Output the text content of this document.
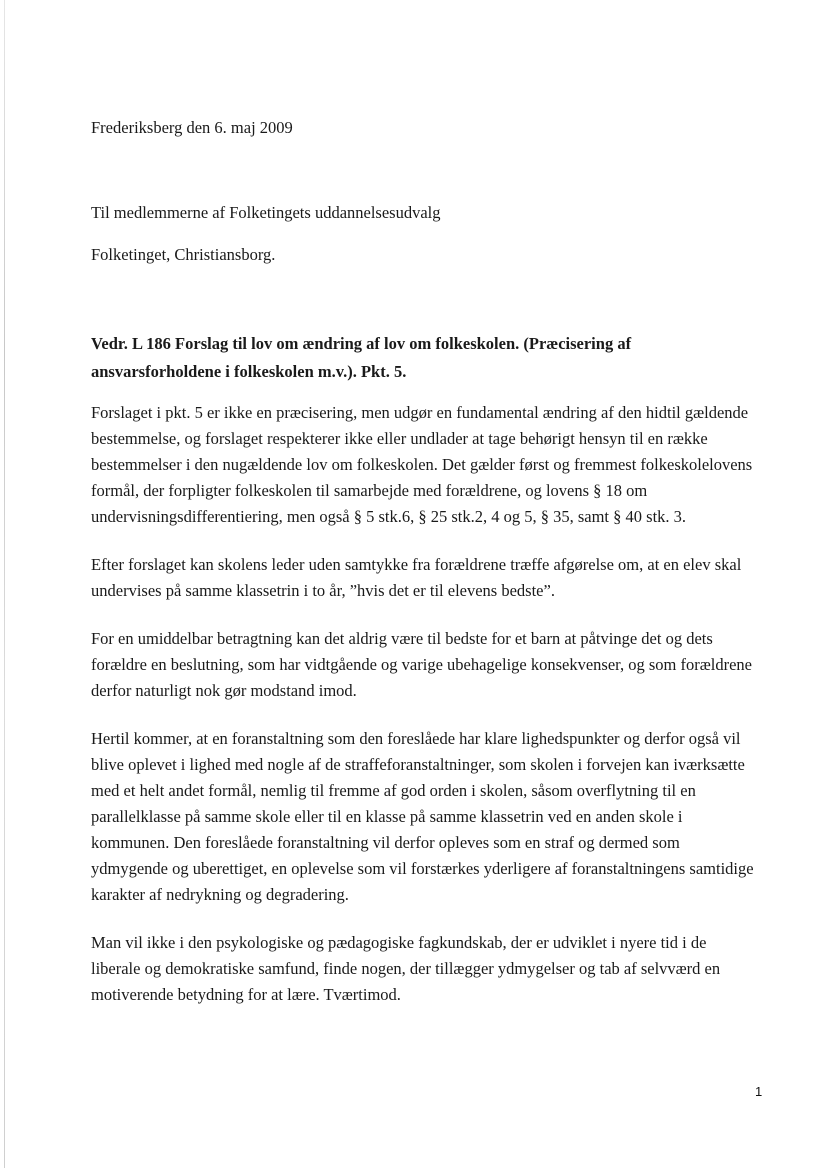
Frederiksberg den 6. maj 2009
Til medlemmerne af Folketingets uddannelsesudvalg
Folketinget, Christiansborg.
Vedr. L 186 Forslag til lov om ændring af lov om folkeskolen. (Præcisering af
ansvarsforholdene i folkeskolen m.v.). Pkt. 5.

Forslaget i pkt. 5 er ikke en præcisering, men udgør en fundamental ændring af den hidtil gældende
bestemmelse, og forslaget respekterer ikke eller undlader at tage behørigt hensyn til en række
bestemmelser i den nugældende lov om folkeskolen. Det gælder først og fremmest folkeskolelovens
formål, der forpligter folkeskolen til samarbejde med forældrene, og lovens § 18 om
undervisningsdifferentiering, men også § 5 stk.6, § 25 stk.2, 4 og 5, § 35, samt § 40 stk. 3.

Efter forslaget kan skolens leder uden samtykke fra forældrene træffe afgørelse om, at en elev skal
undervises på samme klassetrin i to år, ”hvis det er til elevens bedste”.

For en umiddelbar betragtning kan det aldrig være til bedste for et barn at påtvinge det og dets
forældre en beslutning, som har vidtgående og varige ubehagelige konsekvenser, og som forældrene
derfor naturligt nok gør modstand imod.

Hertil kommer, at en foranstaltning som den foreslåede har klare lighedspunkter og derfor også vil
blive oplevet i lighed med nogle af de straffeforanstaltninger, som skolen i forvejen kan iværksætte
med et helt andet formål, nemlig til fremme af god orden i skolen, såsom overflytning til en
parallelklasse på samme skole eller til en klasse på samme klassetrin ved en anden skole i
kommunen. Den foreslåede foranstaltning vil derfor opleves som en straf og dermed som
ydmygende og uberettiget, en oplevelse som vil forstærkes yderligere af foranstaltningens samtidige
karakter af nedrykning og degradering.

Man vil ikke i den psykologiske og pædagogiske fagkundskab, der er udviklet i nyere tid i de
liberale og demokratiske samfund, finde nogen, der tillægger ydmygelser og tab af selvværd en
motiverende betydning for at lære. Tværtimod.

1
